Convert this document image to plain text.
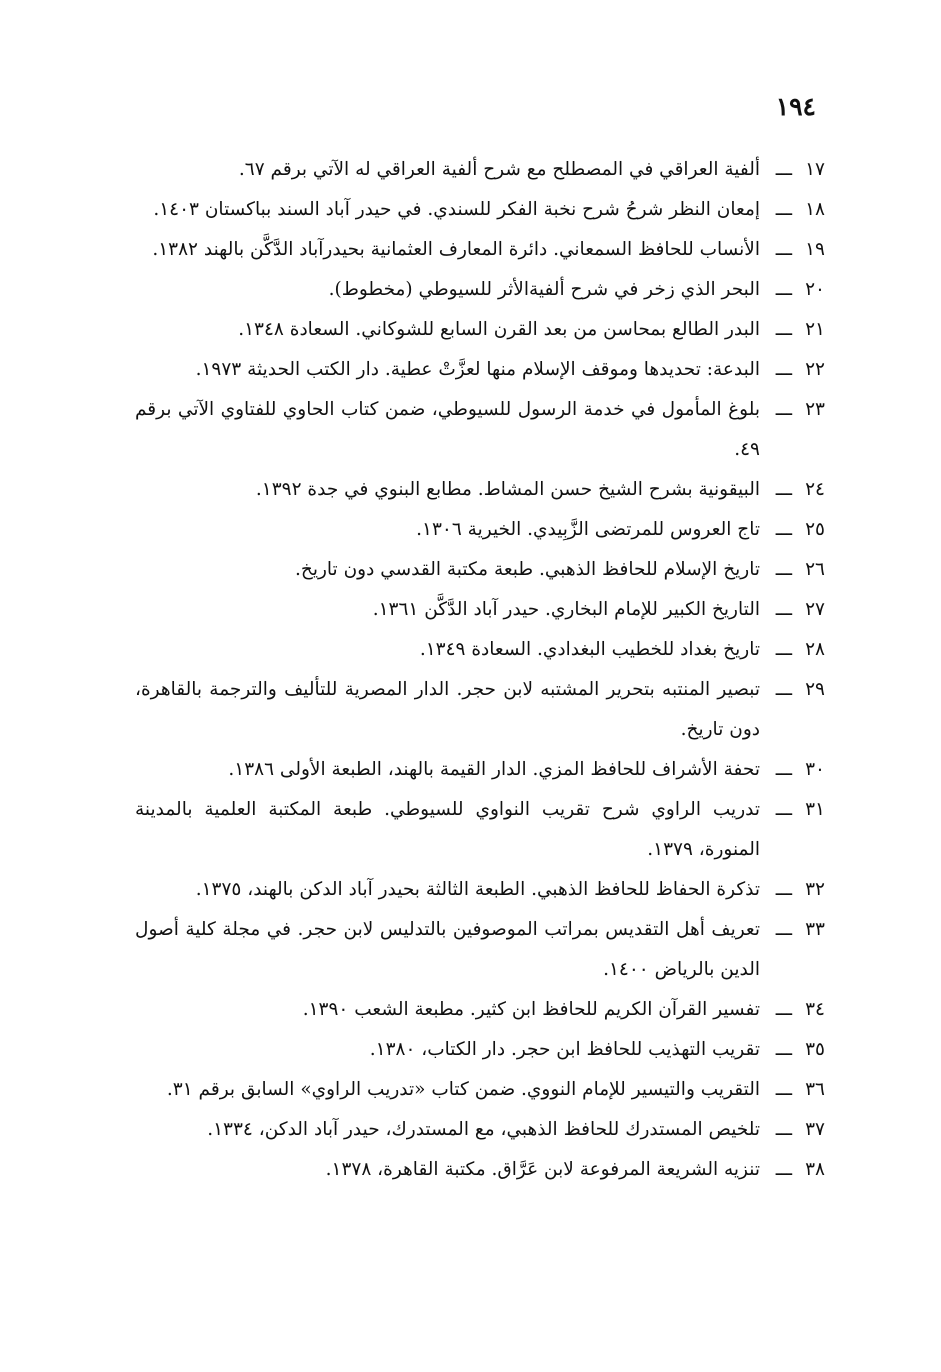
١٩٤
١٧
ـــ
ألفية العراقي في المصطلح مع شرح ألفية العراقي له الآتي برقم ٦٧.
١٨
ـــ
إمعان النظر شرحُ شرح نخبة الفكر للسندي. في حيدر آباد السند بباكستان ١٤٠٣.
١٩
ـــ
الأنساب للحافظ السمعاني. دائرة المعارف العثمانية بحيدرآباد الدَّكَّن بالهند ١٣٨٢.
٢٠
ـــ
البحر الذي زخر في شرح ألفيةالأثر للسيوطي (مخطوط).
٢١
ـــ
البدر الطالع بمحاسن من بعد القرن السابع للشوكاني. السعادة ١٣٤٨.
٢٢
ـــ
البدعة: تحديدها وموقف الإسلام منها لعزَّتْ عطية. دار الكتب الحديثة ١٩٧٣.
٢٣
ـــ
بلوغ المأمول في خدمة الرسول للسيوطي، ضمن كتاب الحاوي للفتاوي الآتي برقم ٤٩.
٢٤
ـــ
البيقونية بشرح الشيخ حسن المشاط. مطابع البنوي في جدة ١٣٩٢.
٢٥
ـــ
تاج العروس للمرتضى الزَّبِيدي. الخيرية ١٣٠٦.
٢٦
ـــ
تاريخ الإسلام للحافظ الذهبي. طبعة مكتبة القدسي دون تاريخ.
٢٧
ـــ
التاريخ الكبير للإمام البخاري. حيدر آباد الدَّكَّن ١٣٦١.
٢٨
ـــ
تاريخ بغداد للخطيب البغدادي. السعادة ١٣٤٩.
٢٩
ـــ
تبصير المنتبه بتحرير المشتبه لابن حجر. الدار المصرية للتأليف والترجمة بالقاهرة، دون تاريخ.
٣٠
ـــ
تحفة الأشراف للحافظ المزي. الدار القيمة بالهند، الطبعة الأولى ١٣٨٦.
٣١
ـــ
تدريب الراوي شرح تقريب النواوي للسيوطي. طبعة المكتبة العلمية بالمدينة المنورة، ١٣٧٩.
٣٢
ـــ
تذكرة الحفاظ للحافظ الذهبي. الطبعة الثالثة بحيدر آباد الدكن بالهند، ١٣٧٥.
٣٣
ـــ
تعريف أهل التقديس بمراتب الموصوفين بالتدليس لابن حجر. في مجلة كلية أصول الدين بالرياض ١٤٠٠.
٣٤
ـــ
تفسير القرآن الكريم للحافظ ابن كثير. مطبعة الشعب ١٣٩٠.
٣٥
ـــ
تقريب التهذيب للحافظ ابن حجر. دار الكتاب، ١٣٨٠.
٣٦
ـــ
التقريب والتيسير للإمام النووي. ضمن كتاب «تدريب الراوي» السابق برقم ٣١.
٣٧
ـــ
تلخيص المستدرك للحافظ الذهبي، مع المستدرك، حيدر آباد الدكن، ١٣٣٤.
٣٨
ـــ
تنزيه الشريعة المرفوعة لابن عَرَّاق. مكتبة القاهرة، ١٣٧٨.
